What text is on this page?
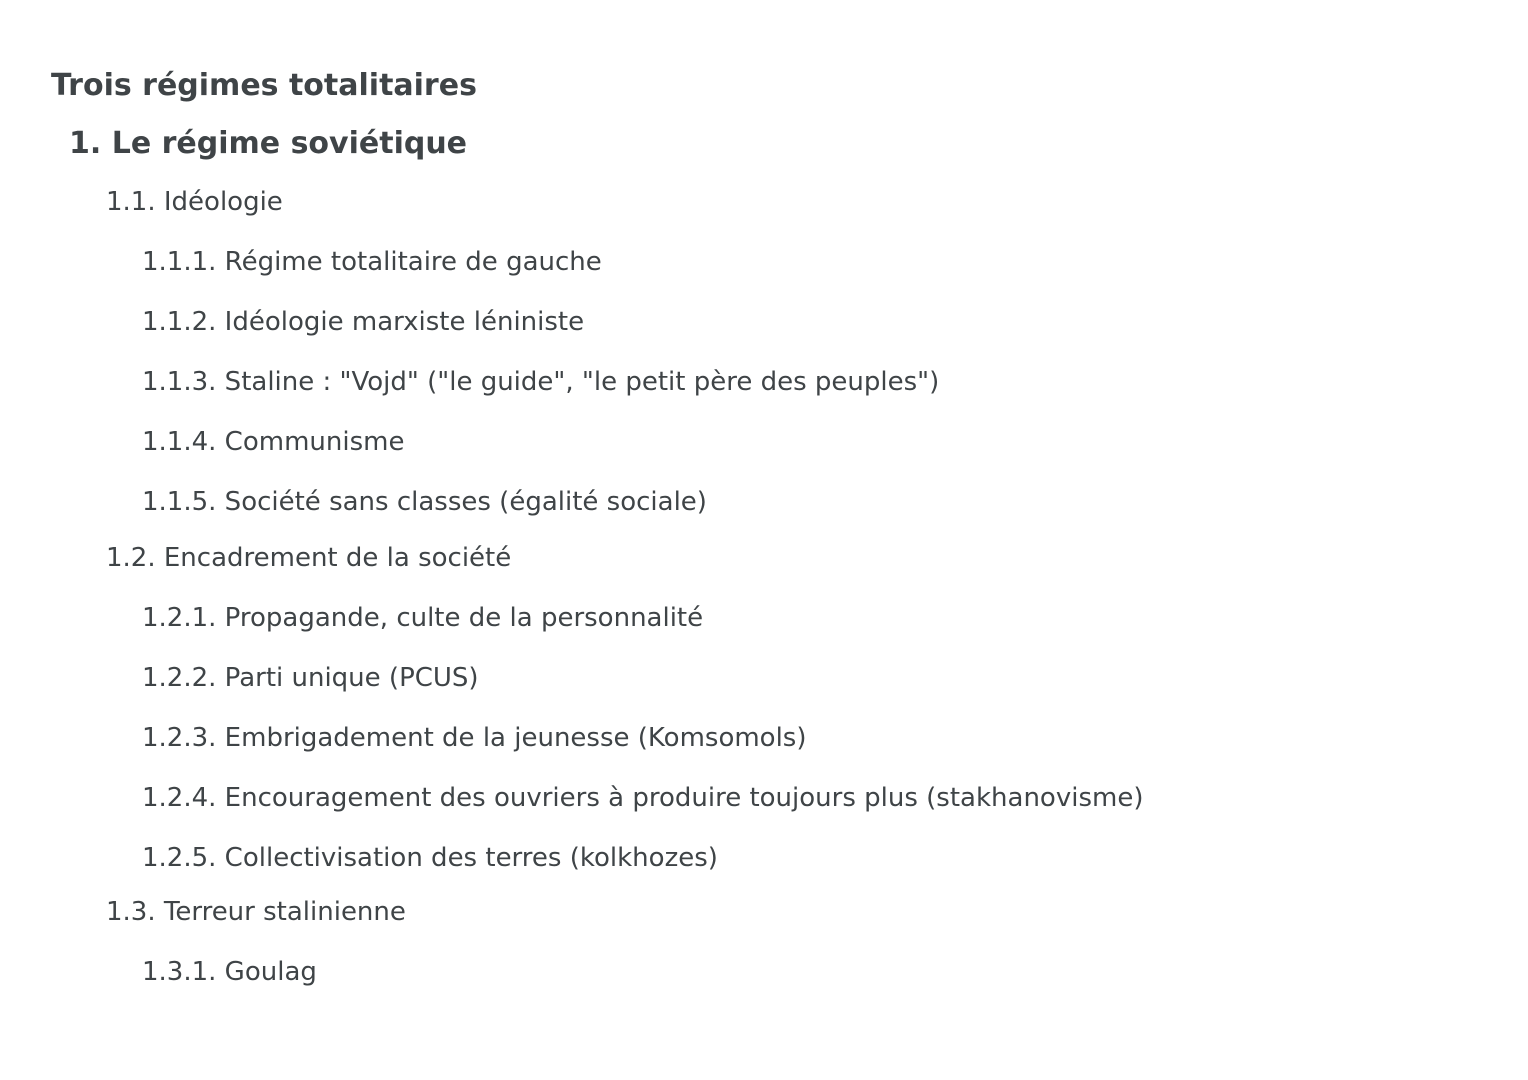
Trois régimes totalitaires
1. Le régime soviétique
1.1. Idéologie
1.1.1. Régime totalitaire de gauche
1.1.2. Idéologie marxiste léniniste
1.1.3. Staline : "Vojd" ("le guide", "le petit père des peuples")
1.1.4. Communisme
1.1.5. Société sans classes (égalité sociale)
1.2. Encadrement de la société
1.2.1. Propagande, culte de la personnalité
1.2.2. Parti unique (PCUS)
1.2.3. Embrigadement de la jeunesse (Komsomols)
1.2.4. Encouragement des ouvriers à produire toujours plus (stakhanovisme)
1.2.5. Collectivisation des terres (kolkhozes)
1.3. Terreur stalinienne
1.3.1. Goulag
